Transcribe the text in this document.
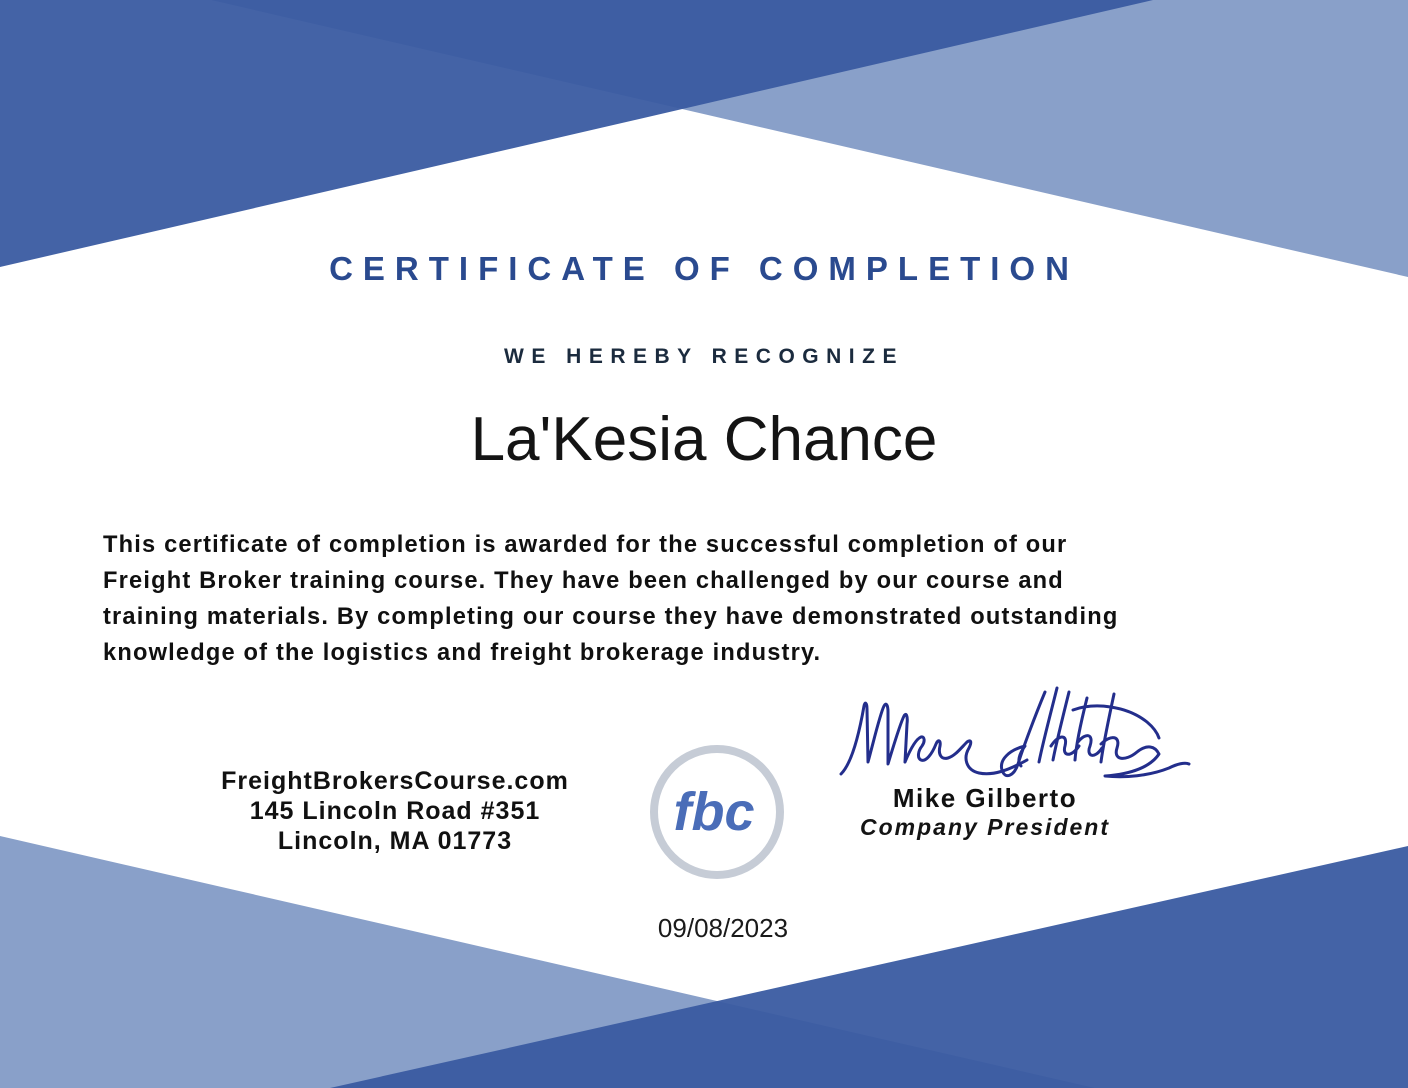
CERTIFICATE OF COMPLETION
WE HEREBY RECOGNIZE
La'Kesia Chance
This certificate of completion is awarded for the successful completion of our
Freight Broker training course. They have been challenged by our course and
training materials. By completing our course they have demonstrated outstanding
knowledge of the logistics and freight brokerage industry.
FreightBrokersCourse.com
145 Lincoln Road #351
Lincoln, MA 01773	fbc	Mike Gilberto
Company President
09/08/2023
